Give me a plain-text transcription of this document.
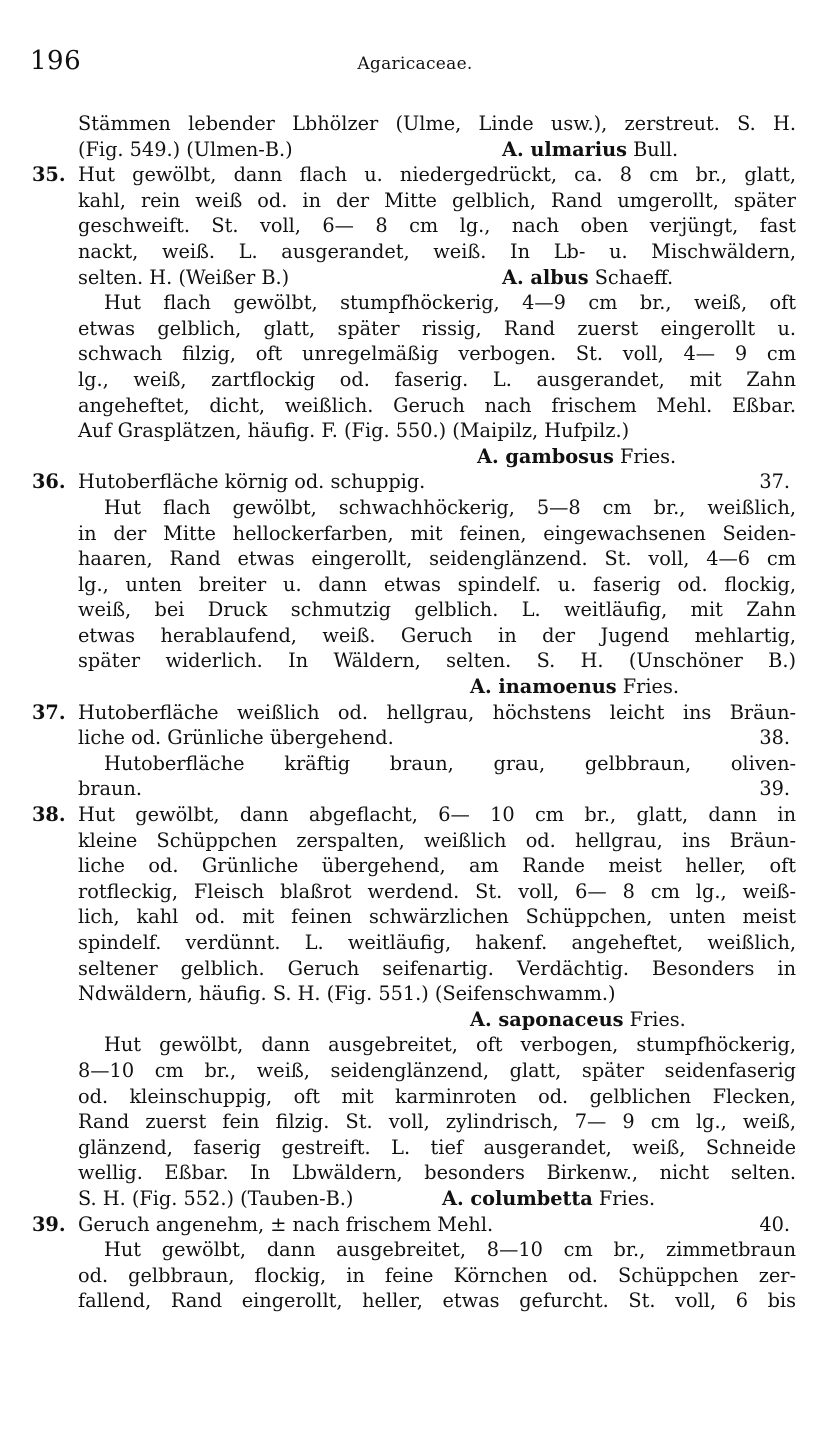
196	Agaricaceae.
Stämmen lebender Lbhölzer (Ulme, Linde usw.), zerstreut. S. H.
(Fig. 549.) (Ulmen-B.)	A. ulmarius Bull.
35. Hut gewölbt, dann flach u. niedergedrückt, ca. 8 cm br., glatt,
kahl, rein weiß od. in der Mitte gelblich, Rand umgerollt, später
geschweift. St. voll, 6— 8 cm lg., nach oben verjüngt, fast
nackt, weiß. L. ausgerandet, weiß. In Lb- u. Mischwäldern,
selten. H. (Weißer B.)	A. albus Schaeff.
Hut flach gewölbt, stumpfhöckerig, 4—9 cm br., weiß, oft
etwas gelblich, glatt, später rissig, Rand zuerst eingerollt u.
schwach filzig, oft unregelmäßig verbogen. St. voll, 4— 9 cm
lg., weiß, zartflockig od. faserig. L. ausgerandet, mit Zahn
angeheftet, dicht, weißlich. Geruch nach frischem Mehl. Eßbar.
Auf Grasplätzen, häufig. F. (Fig. 550.) (Maipilz, Hufpilz.)
A. gambosus Fries.
36. Hutoberfläche körnig od. schuppig.	37.
Hut flach gewölbt, schwachhöckerig, 5—8 cm br., weißlich,
in der Mitte hellockerfarben, mit feinen, eingewachsenen Seiden-
haaren, Rand etwas eingerollt, seidenglänzend. St. voll, 4—6 cm
lg., unten breiter u. dann etwas spindelf. u. faserig od. flockig,
weiß, bei Druck schmutzig gelblich. L. weitläufig, mit Zahn
etwas herablaufend, weiß. Geruch in der Jugend mehlartig,
später widerlich. In Wäldern, selten. S. H. (Unschöner B.)
A. inamoenus Fries.
37. Hutoberfläche weißlich od. hellgrau, höchstens leicht ins Bräun-
liche od. Grünliche übergehend.	38.
Hutoberfläche kräftig braun, grau, gelbbraun, oliven-
braun.	39.
38. Hut gewölbt, dann abgeflacht, 6— 10 cm br., glatt, dann in
kleine Schüppchen zerspalten, weißlich od. hellgrau, ins Bräun-
liche od. Grünliche übergehend, am Rande meist heller, oft
rotfleckig, Fleisch blaßrot werdend. St. voll, 6— 8 cm lg., weiß-
lich, kahl od. mit feinen schwärzlichen Schüppchen, unten meist
spindelf. verdünnt. L. weitläufig, hakenf. angeheftet, weißlich,
seltener gelblich. Geruch seifenartig. Verdächtig. Besonders in
Ndwäldern, häufig. S. H. (Fig. 551.) (Seifenschwamm.)
A. saponaceus Fries.
Hut gewölbt, dann ausgebreitet, oft verbogen, stumpfhöckerig,
8—10 cm br., weiß, seidenglänzend, glatt, später seidenfaserig
od. kleinschuppig, oft mit karminroten od. gelblichen Flecken,
Rand zuerst fein filzig. St. voll, zylindrisch, 7— 9 cm lg., weiß,
glänzend, faserig gestreift. L. tief ausgerandet, weiß, Schneide
wellig. Eßbar. In Lbwäldern, besonders Birkenw., nicht selten.
S. H. (Fig. 552.) (Tauben-B.)	A. columbetta Fries.
39. Geruch angenehm, ± nach frischem Mehl.	40.
Hut gewölbt, dann ausgebreitet, 8—10 cm br., zimmetbraun
od. gelbbraun, flockig, in feine Körnchen od. Schüppchen zer-
fallend, Rand eingerollt, heller, etwas gefurcht. St. voll, 6 bis
